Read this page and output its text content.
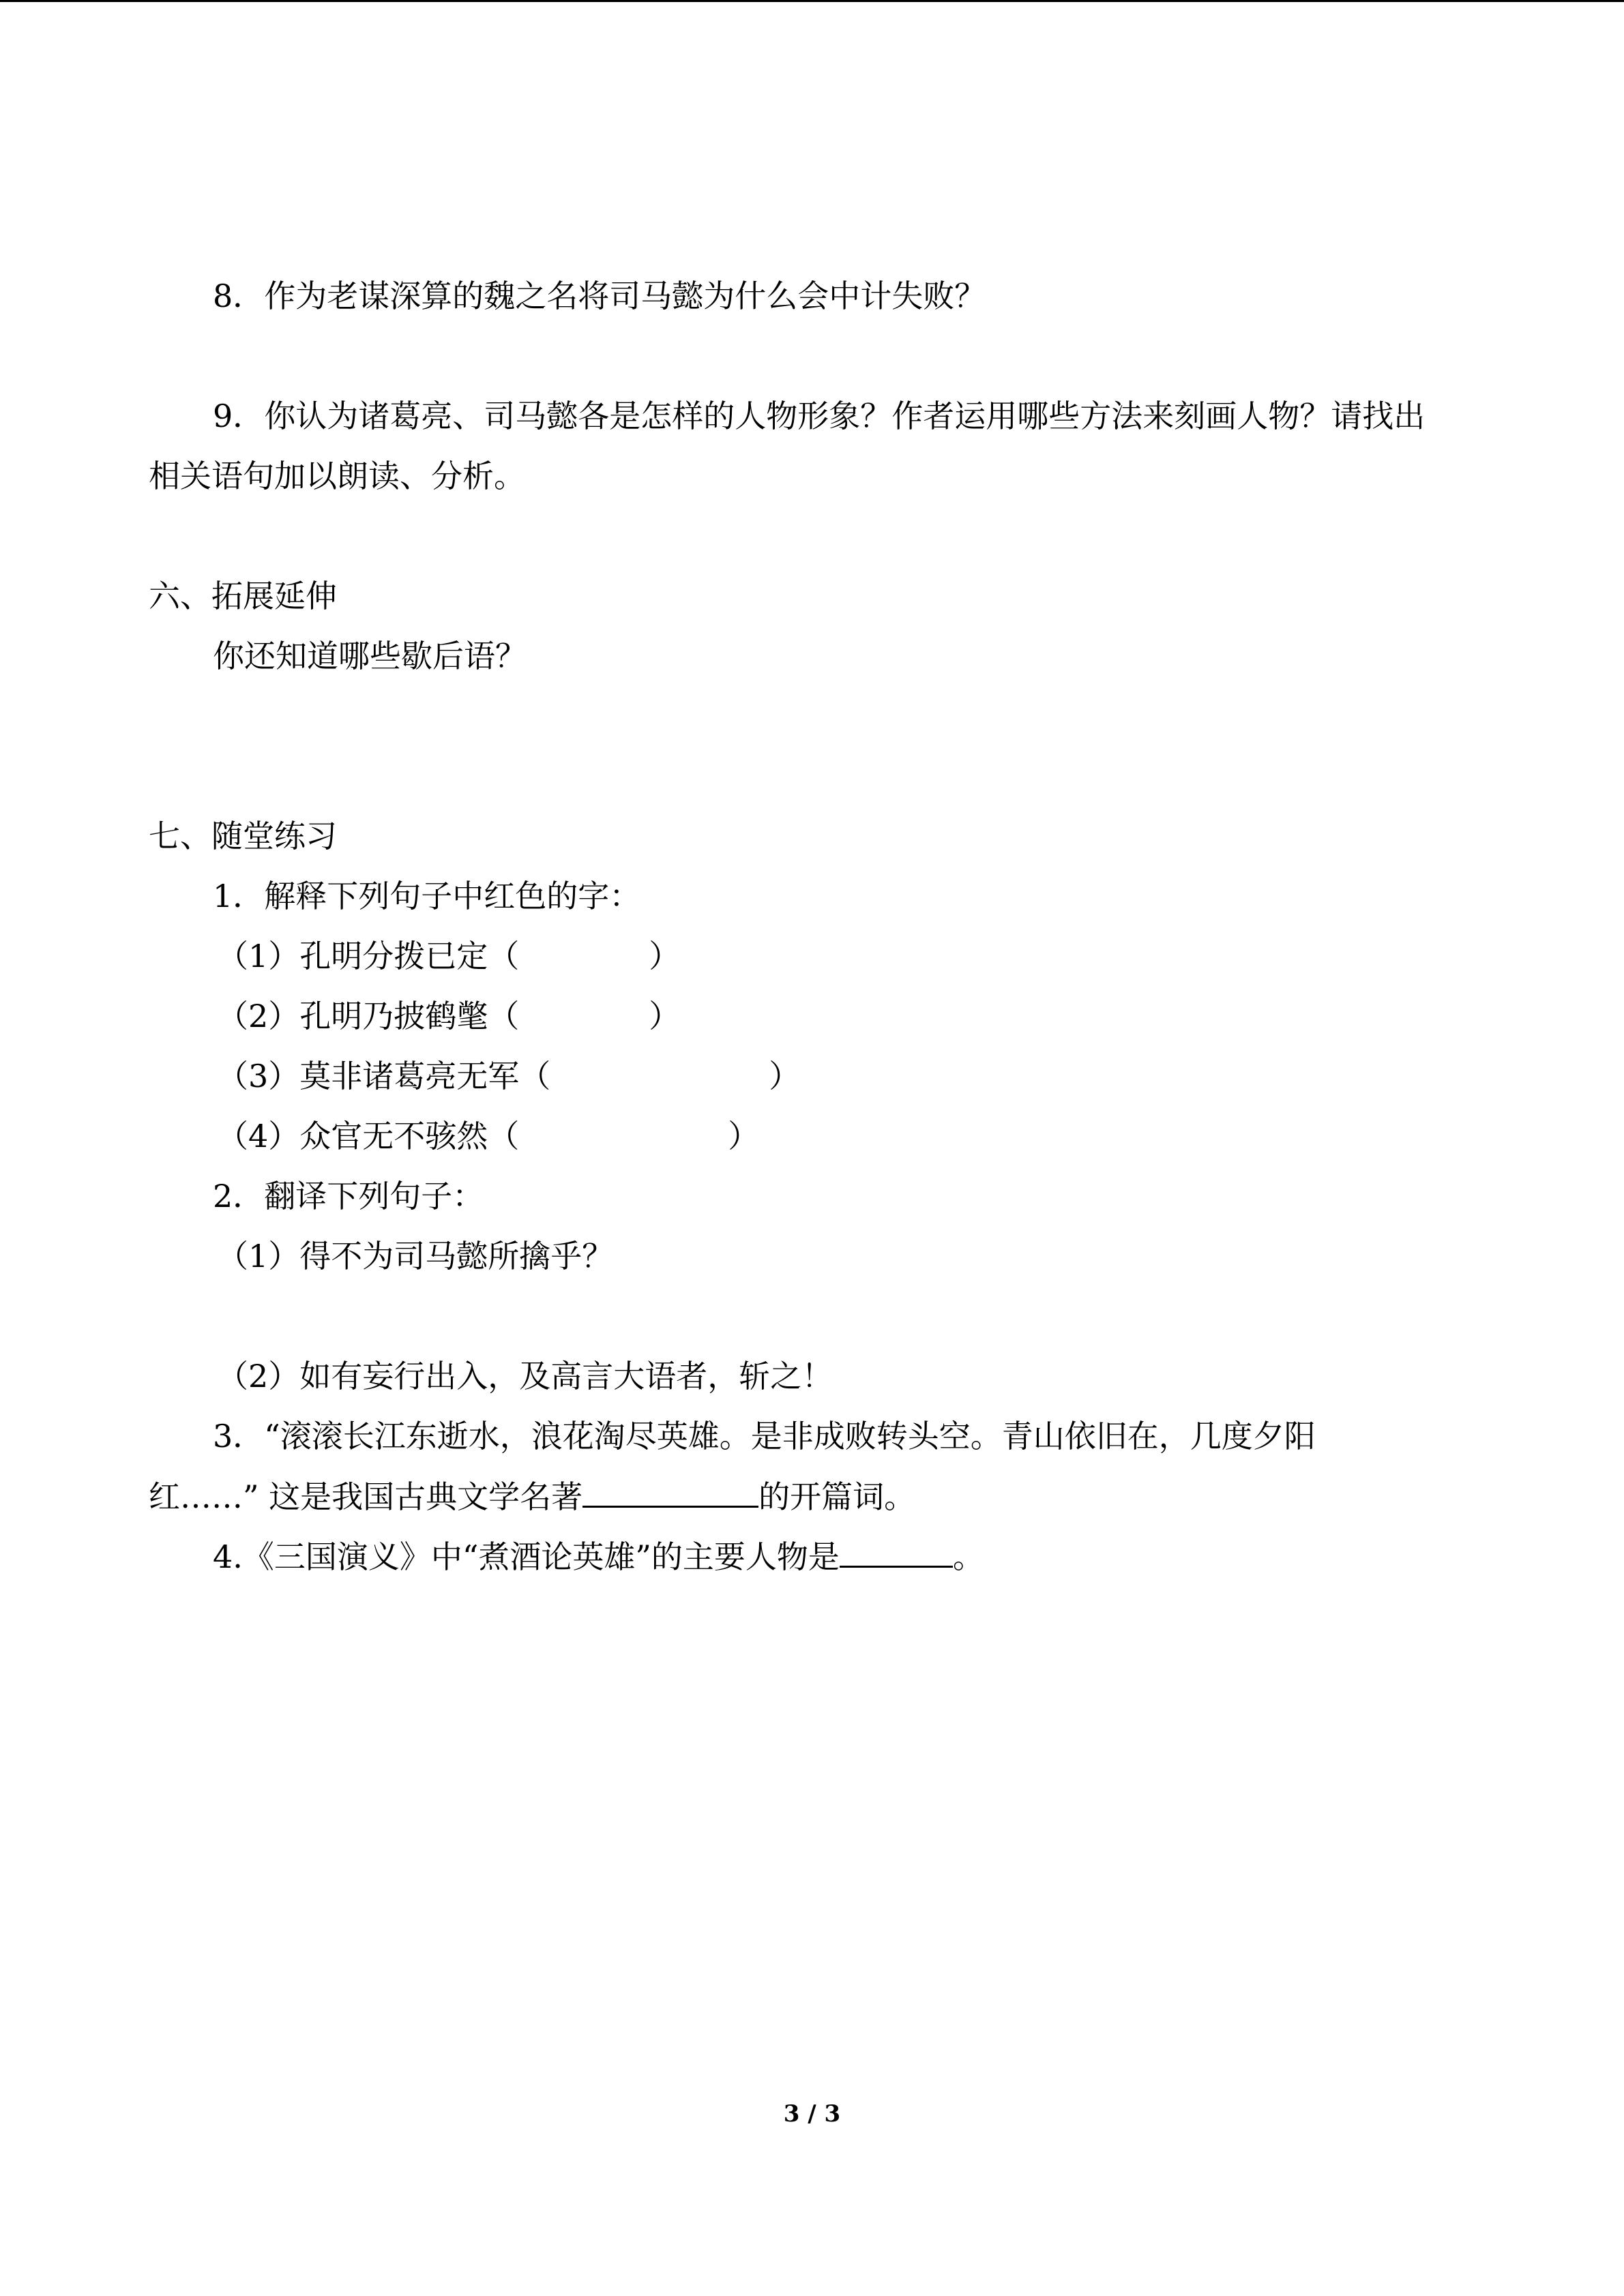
8．作为老谋深算的魏之名将司马懿为什么会中计失败？
9．你认为诸葛亮、司马懿各是怎样的人物形象？作者运用哪些方法来刻画人物？请找出
相关语句加以朗读、分析。
六、拓展延伸
你还知道哪些歇后语？
七、随堂练习
1．解释下列句子中红色的字：
（1）孔明分拨已定（	）
（2）孔明乃披鹤氅（	）
（3）莫非诸葛亮无军（	）
（4）众官无不骇然（	）
2．翻译下列句子：
（1）得不为司马懿所擒乎？
（2）如有妄行出入，及高言大语者，斩之！
3．“滚滚长江东逝水，浪花淘尽英雄。是非成败转头空。青山依旧在，几度夕阳
红……” 这是我国古典文学名著	的开篇词。
4.《三国演义》中“煮酒论英雄”的主要人物是	。
3 / 3
